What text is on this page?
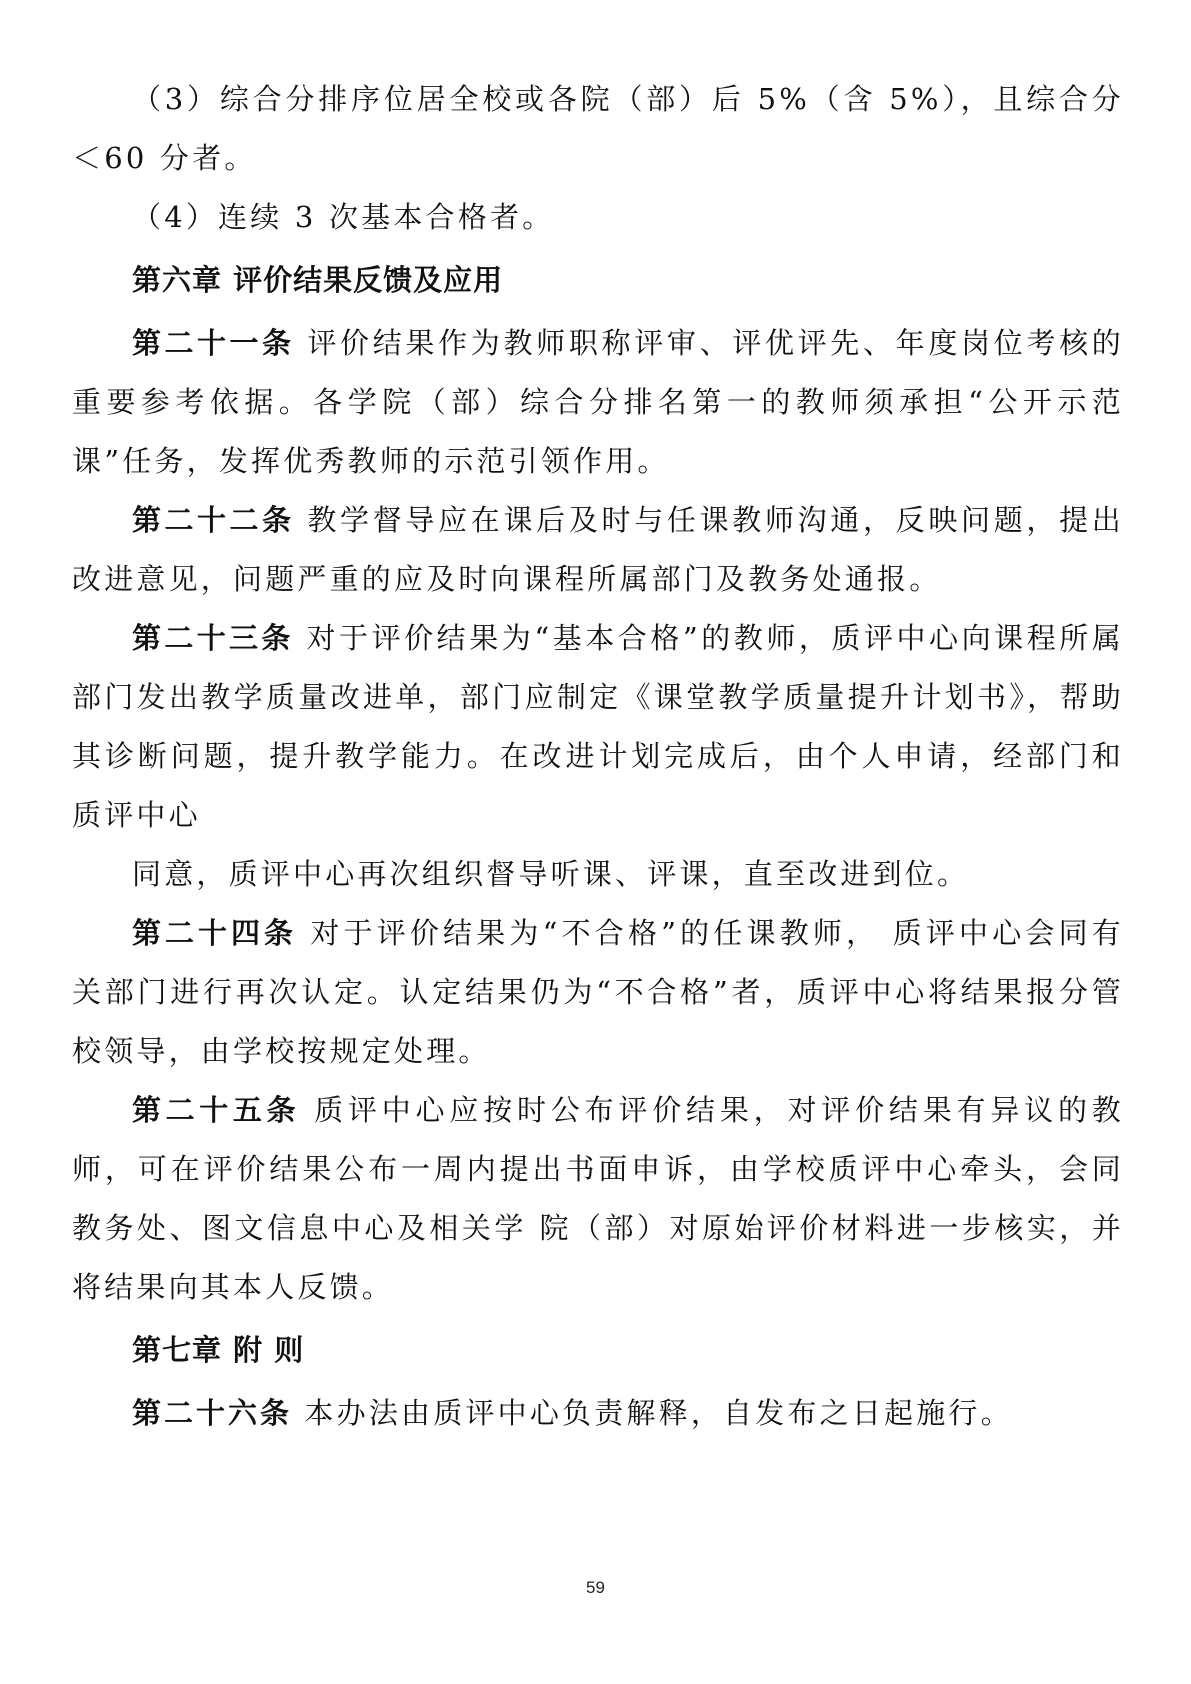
（3）综合分排序位居全校或各院（部）后 5%（含 5%），且综合分＜60 分者。

（4）连续 3 次基本合格者。

第六章 评价结果反馈及应用

第二十一条 评价结果作为教师职称评审、评优评先、年度岗位考核的重要参考依据。各学院（部）综合分排名第一的教师须承担“公开示范课”任务，发挥优秀教师的示范引领作用。

第二十二条 教学督导应在课后及时与任课教师沟通，反映问题，提出改进意见，问题严重的应及时向课程所属部门及教务处通报。

第二十三条 对于评价结果为“基本合格”的教师，质评中心向课程所属部门发出教学质量改进单，部门应制定《课堂教学质量提升计划书》，帮助其诊断问题，提升教学能力。在改进计划完成后，由个人申请，经部门和质评中心

同意，质评中心再次组织督导听课、评课，直至改进到位。

第二十四条 对于评价结果为“不合格”的任课教师， 质评中心会同有关部门进行再次认定。认定结果仍为“不合格”者，质评中心将结果报分管校领导，由学校按规定处理。

第二十五条 质评中心应按时公布评价结果，对评价结果有异议的教师，可在评价结果公布一周内提出书面申诉，由学校质评中心牵头，会同教务处、图文信息中心及相关学 院（部）对原始评价材料进一步核实，并将结果向其本人反馈。

第七章 附 则

第二十六条 本办法由质评中心负责解释，自发布之日起施行。

59
